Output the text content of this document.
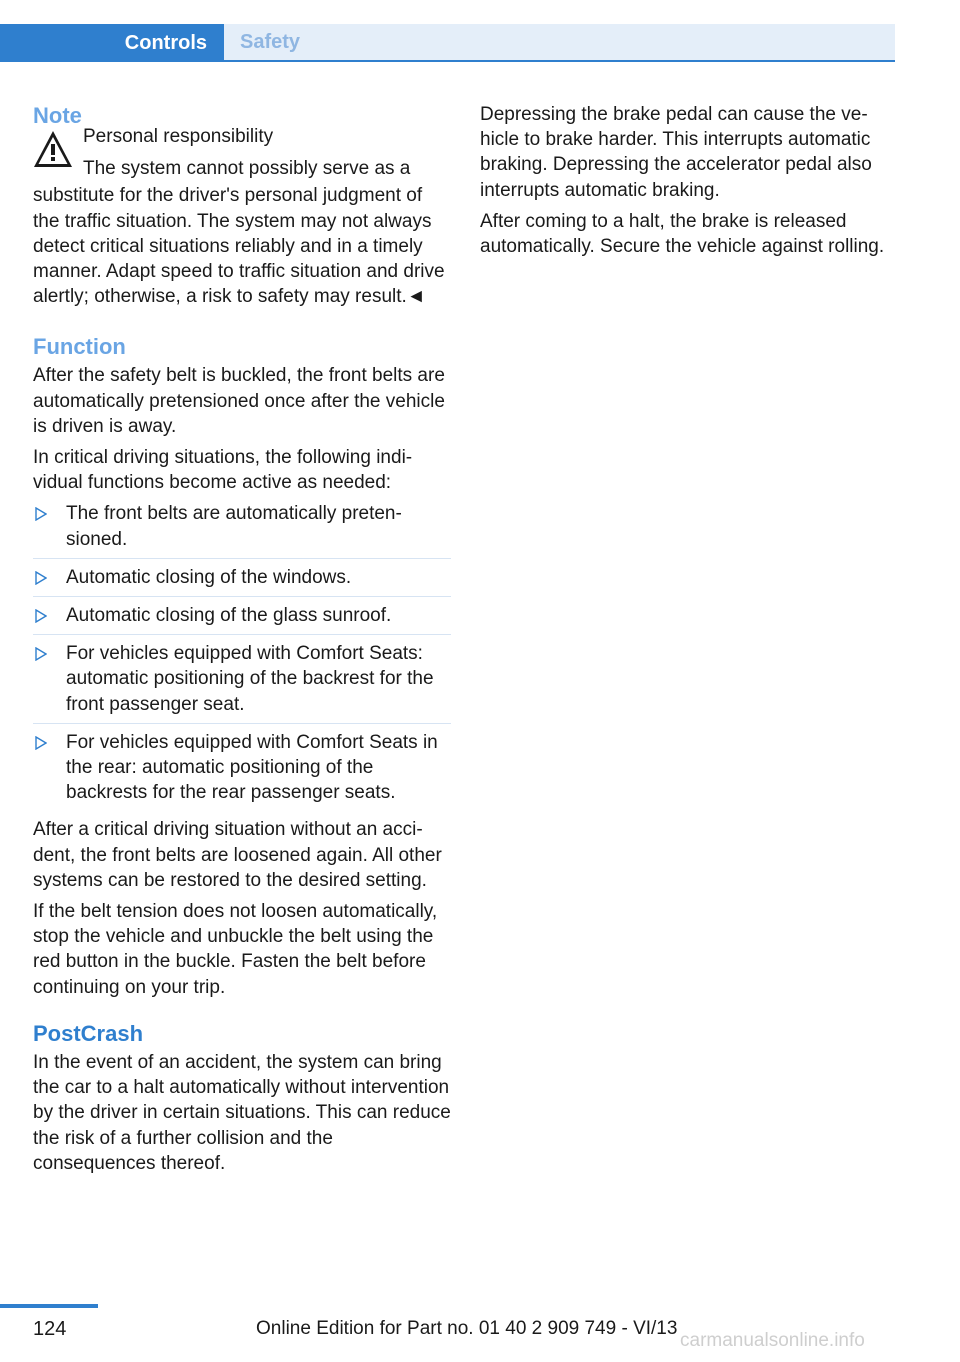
Controls	Safety
Note
Personal responsibility
The system cannot possibly serve as a

substitute for the driver's personal judgment of the traffic situation. The system may not always detect critical situations reliably and in a timely manner. Adapt speed to traffic situation and drive alertly; otherwise, a risk to safety may result.◄

Function

After the safety belt is buckled, the front belts are automatically pretensioned once after the vehicle is driven is away.

In critical driving situations, the following individual functions become active as needed:

The front belts are automatically pretensioned.
Automatic closing of the windows.
Automatic closing of the glass sunroof.
For vehicles equipped with Comfort Seats: automatic positioning of the backrest for the front passenger seat.
For vehicles equipped with Comfort Seats in the rear: automatic positioning of the backrests for the rear passenger seats.

After a critical driving situation without an accident, the front belts are loosened again. All other systems can be restored to the desired setting.

If the belt tension does not loosen automatically, stop the vehicle and unbuckle the belt using the red button in the buckle. Fasten the belt before continuing on your trip.

PostCrash

In the event of an accident, the system can bring the car to a halt automatically without intervention by the driver in certain situations. This can reduce the risk of a further collision and the consequences thereof.

Depressing the brake pedal can cause the vehicle to brake harder. This interrupts automatic braking. Depressing the accelerator pedal also interrupts automatic braking.

After coming to a halt, the brake is released automatically. Secure the vehicle against rolling.

124	Online Edition for Part no. 01 40 2 909 749 - VI/13
carmanualsonline.info
